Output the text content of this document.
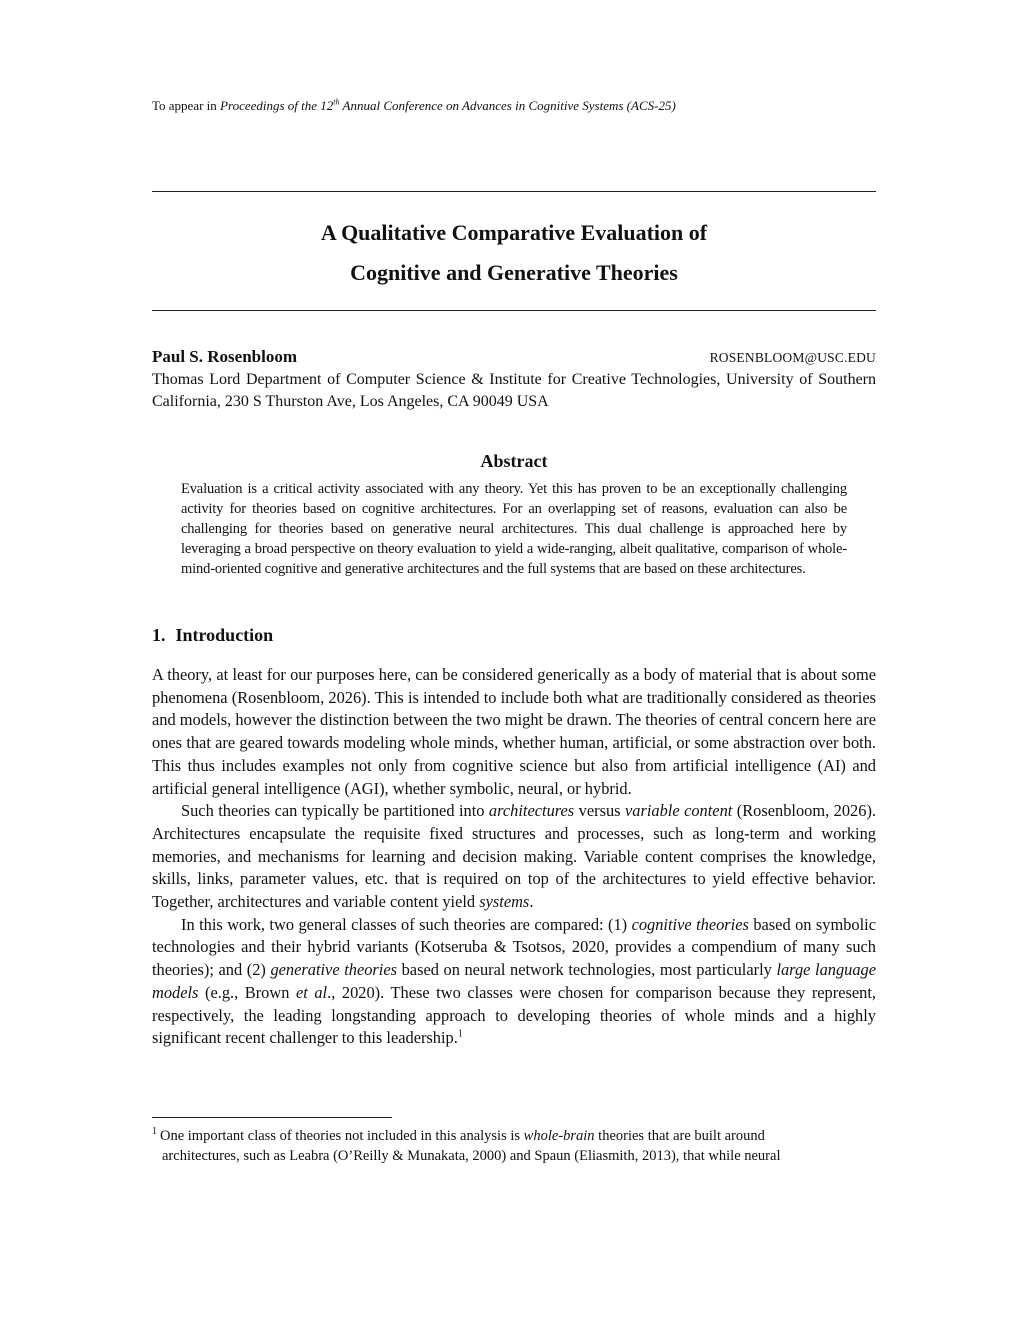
To appear in Proceedings of the 12th Annual Conference on Advances in Cognitive Systems (ACS-25)
A Qualitative Comparative Evaluation of
Cognitive and Generative Theories
Paul S. Rosenbloom	ROSENBLOOM@USC.EDU
Thomas Lord Department of Computer Science & Institute for Creative Technologies, University of Southern California, 230 S Thurston Ave, Los Angeles, CA 90049 USA
Abstract
Evaluation is a critical activity associated with any theory. Yet this has proven to be an exceptionally challenging activity for theories based on cognitive architectures. For an overlapping set of reasons, evaluation can also be challenging for theories based on generative neural architectures. This dual challenge is approached here by leveraging a broad perspective on theory evaluation to yield a wide-ranging, albeit qualitative, comparison of whole-mind-oriented cognitive and generative architectures and the full systems that are based on these architectures.
1. Introduction

A theory, at least for our purposes here, can be considered generically as a body of material that is about some phenomena (Rosenbloom, 2026). This is intended to include both what are traditionally considered as theories and models, however the distinction between the two might be drawn. The theories of central concern here are ones that are geared towards modeling whole minds, whether human, artificial, or some abstraction over both. This thus includes examples not only from cognitive science but also from artificial intelligence (AI) and artificial general intelligence (AGI), whether symbolic, neural, or hybrid.

Such theories can typically be partitioned into architectures versus variable content (Rosenbloom, 2026). Architectures encapsulate the requisite fixed structures and processes, such as long-term and working memories, and mechanisms for learning and decision making. Variable content comprises the knowledge, skills, links, parameter values, etc. that is required on top of the architectures to yield effective behavior. Together, architectures and variable content yield systems.

In this work, two general classes of such theories are compared: (1) cognitive theories based on symbolic technologies and their hybrid variants (Kotseruba & Tsotsos, 2020, provides a compendium of many such theories); and (2) generative theories based on neural network technologies, most particularly large language models (e.g., Brown et al., 2020). These two classes were chosen for comparison because they represent, respectively, the leading longstanding approach to developing theories of whole minds and a highly significant recent challenger to this leadership.$^1$

$^1$ One important class of theories not included in this analysis is whole-brain theories that are built around
architectures, such as Leabra (O’Reilly & Munakata, 2000) and Spaun (Eliasmith, 2013), that while neural
